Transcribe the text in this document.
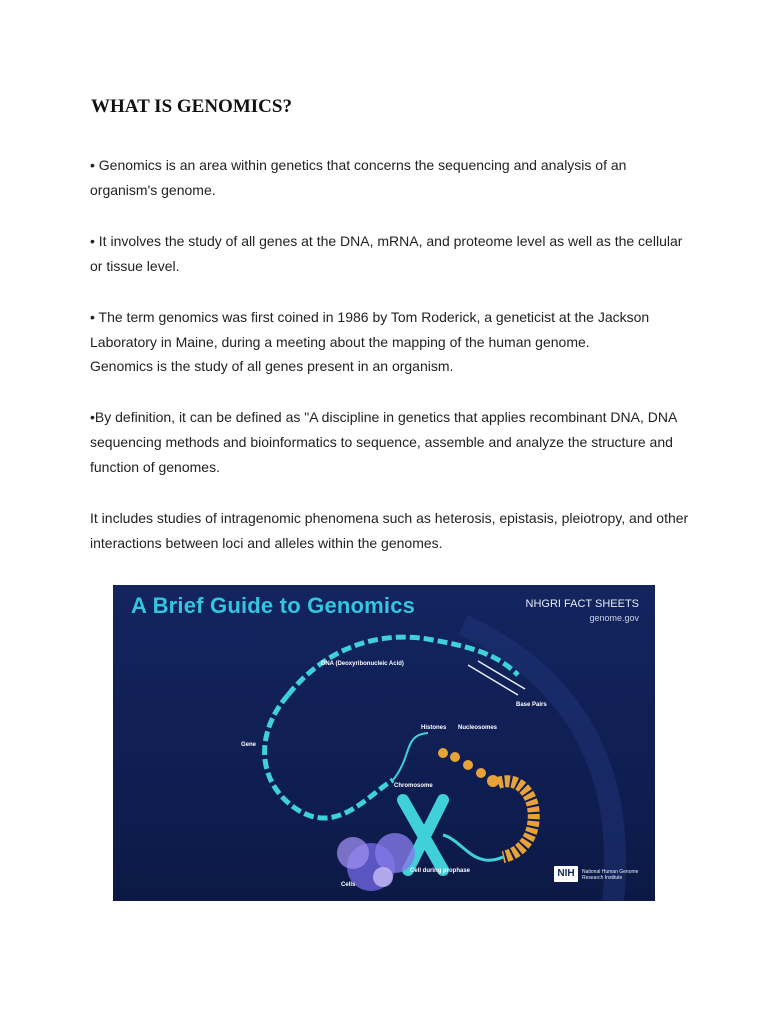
WHAT IS GENOMICS?

• Genomics is an area within genetics that concerns the sequencing and analysis of an organism's genome.

• It involves the study of all genes at the DNA, mRNA, and proteome level as well as the cellular or tissue level.

• The term genomics was first coined in 1986 by Tom Roderick, a geneticist at the Jackson Laboratory in Maine, during a meeting about the mapping of the human genome.

Genomics is the study of all genes present in an organism.

•By definition, it can be defined as "A discipline in genetics that applies recombinant DNA, DNA sequencing methods and bioinformatics to sequence, assemble and analyze the structure and function of genomes.

It includes studies of intragenomic phenomena such as heterosis, epistasis, pleiotropy, and other interactions between loci and alleles within the genomes.

A Brief Guide to Genomics	NHGRI FACT SHEETS
genome.gov
DNA (Deoxyribonucleic Acid)
Base Pairs
Gene
Histones Nucleosomes
Chromosome
Cell during prophase
Cells
NIH	National Human Genome Research Institute
